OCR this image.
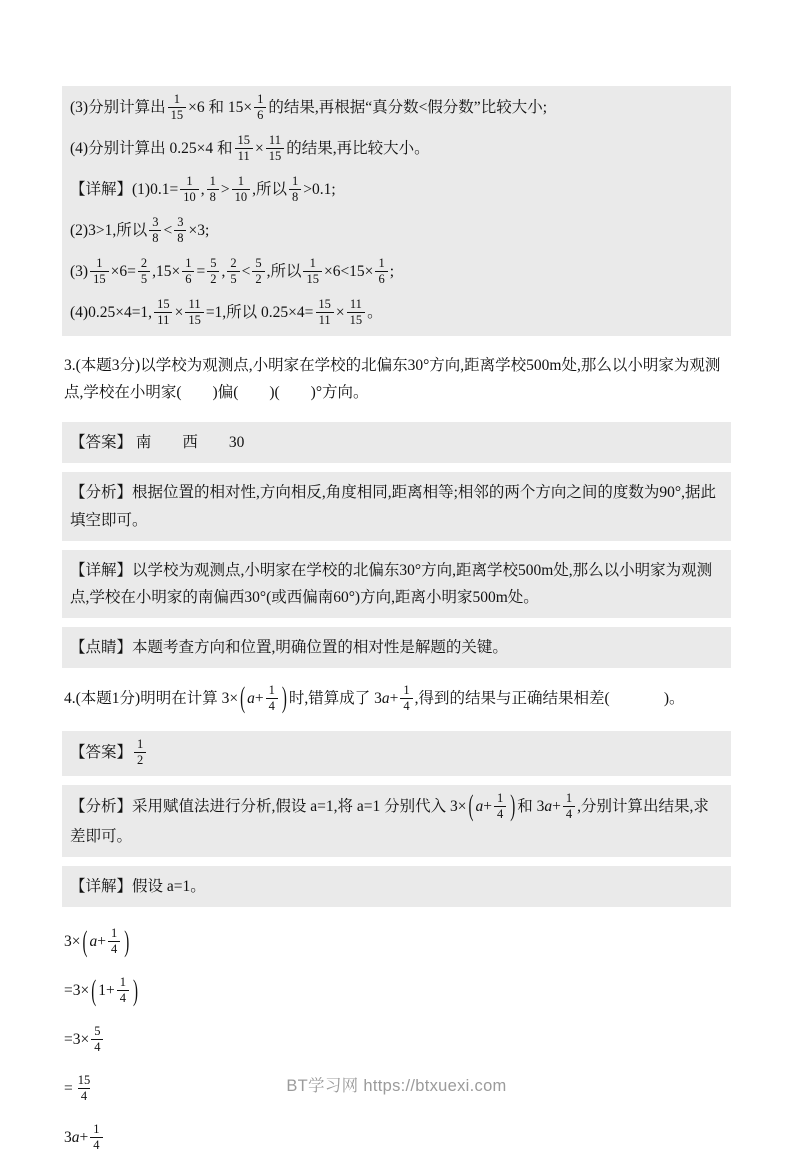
(3)分别计算出 $\frac{1}{15} \times 6$ 和 $15\times \frac{1}{6}$ 的结果,再根据“真分数<假分数”比较大小;

(4)分别计算出 0.25×4 和 $\frac{15}{11} \times \frac{11}{15}$ 的结果,再比较大小。

【详解】$(1)0.1= \frac{1}{10}$ , $\frac{1}{8} > \frac{1}{10}$ ,所以 $\frac{1}{8} >0.1$;

(2)3>1,所以 $\frac{3}{8} < \frac{3}{8} \times 3$;

$(3) \frac{1}{15} \times 6= \frac{2}{5} ,15\times \frac{1}{6} = \frac{5}{2}$ , $\frac{2}{5} < \frac{5}{2}$ ,所以 $\frac{1}{15} \times 6<15\times \frac{1}{6}$ ;

(4)0.25×4=1, $\frac{15}{11} \times \frac{11}{15} =1$,所以 $0.25\times 4= \frac{15}{11} \times \frac{11}{15}$ 。

3.(本题3分)以学校为观测点,小明家在学校的北偏东30°方向,距离学校500m处,那么以小明家为观测点,学校在小明家(        )偏(        )(        )°方向。

【答案】 南　　西　　30

【分析】根据位置的相对性,方向相反,角度相同,距离相等;相邻的两个方向之间的度数为90°,据此填空即可。

【详解】以学校为观测点,小明家在学校的北偏东30°方向,距离学校500m处,那么以小明家为观测点,学校在小明家的南偏西30°(或西偏南60°)方向,距离小明家500m处。

【点睛】本题考查方向和位置,明确位置的相对性是解题的关键。

4.(本题1分)明明在计算 3× ( $a+ \frac{1}{4}$ ) 时,错算成了 $3a+ \frac{1}{4}$ ,得到的结果与正确结果相差(              )。

【答案】 $\frac{1}{2}$

【分析】采用赋值法进行分析,假设 a=1,将 a=1 分别代入 3× ( $a+ \frac{1}{4}$ ) 和 $3a+ \frac{1}{4}$ ,分别计算出结果,求差即可。

【详解】假设 a=1。

3× ( $a+ \frac{1}{4}$ )

=3× ( $1+ \frac{1}{4}$ )

$=3\times \frac{5}{4}$

= $\frac{15}{4}$

$3a+ \frac{1}{4}$

BT学习网 https://btxuexi.com
